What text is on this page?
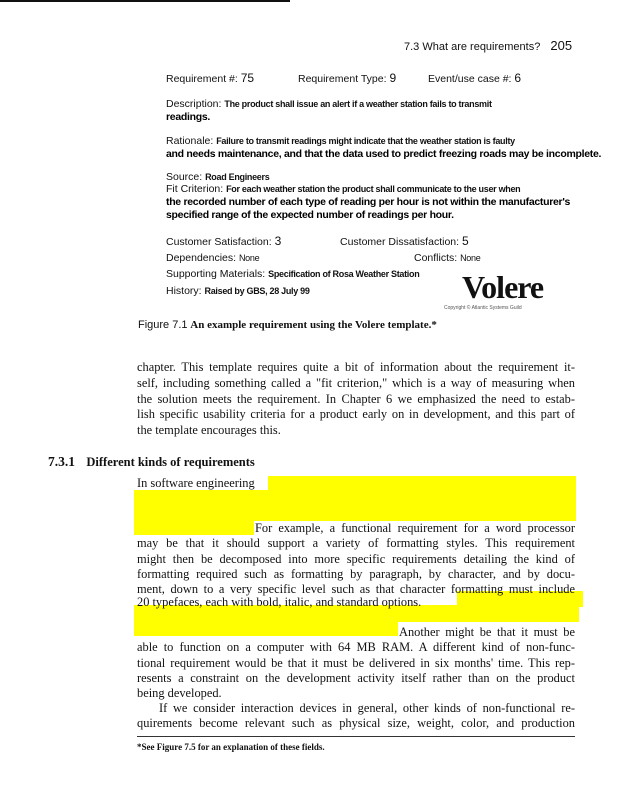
7.3 What are requirements? 205
Requirement #: 75	Requirement Type: 9	Event/use case #: 6
Description: The product shall issue an alert if a weather station fails to transmit
readings.
Rationale: Failure to transmit readings might indicate that the weather station is faulty
and needs maintenance, and that the data used to predict freezing roads may be incomplete.
Source: Road Engineers
Fit Criterion: For each weather station the product shall communicate to the user when
the recorded number of each type of reading per hour is not within the manufacturer's
specified range of the expected number of readings per hour.
Customer Satisfaction: 3	Customer Dissatisfaction: 5
Dependencies: None	Conflicts: None
Supporting Materials: Specification of Rosa Weather Station
History: Raised by GBS, 28 July 99	Volere
Copyright © Atlantic Systems Guild
Figure 7.1 An example requirement using the Volere template.*
chapter. This template requires quite a bit of information about the requirement it-
self, including something called a "fit criterion," which is a way of measuring when
the solution meets the requirement. In Chapter 6 we emphasized the need to estab-
lish specific usability criteria for a product early on in development, and this part of
the template encourages this.
7.3.1 Different kinds of requirements
In software engineering
For example, a functional requirement for a word processor
may be that it should support a variety of formatting styles. This requirement
might then be decomposed into more specific requirements detailing the kind of
formatting required such as formatting by paragraph, by character, and by docu-
ment, down to a very specific level such as that character formatting must include
20 typefaces, each with bold, italic, and standard options.
Another might be that it must be
able to function on a computer with 64 MB RAM. A different kind of non-func-
tional requirement would be that it must be delivered in six months' time. This rep-
resents a constraint on the development activity itself rather than on the product
being developed.
If we consider interaction devices in general, other kinds of non-functional re-
quirements become relevant such as physical size, weight, color, and production
*See Figure 7.5 for an explanation of these fields.
